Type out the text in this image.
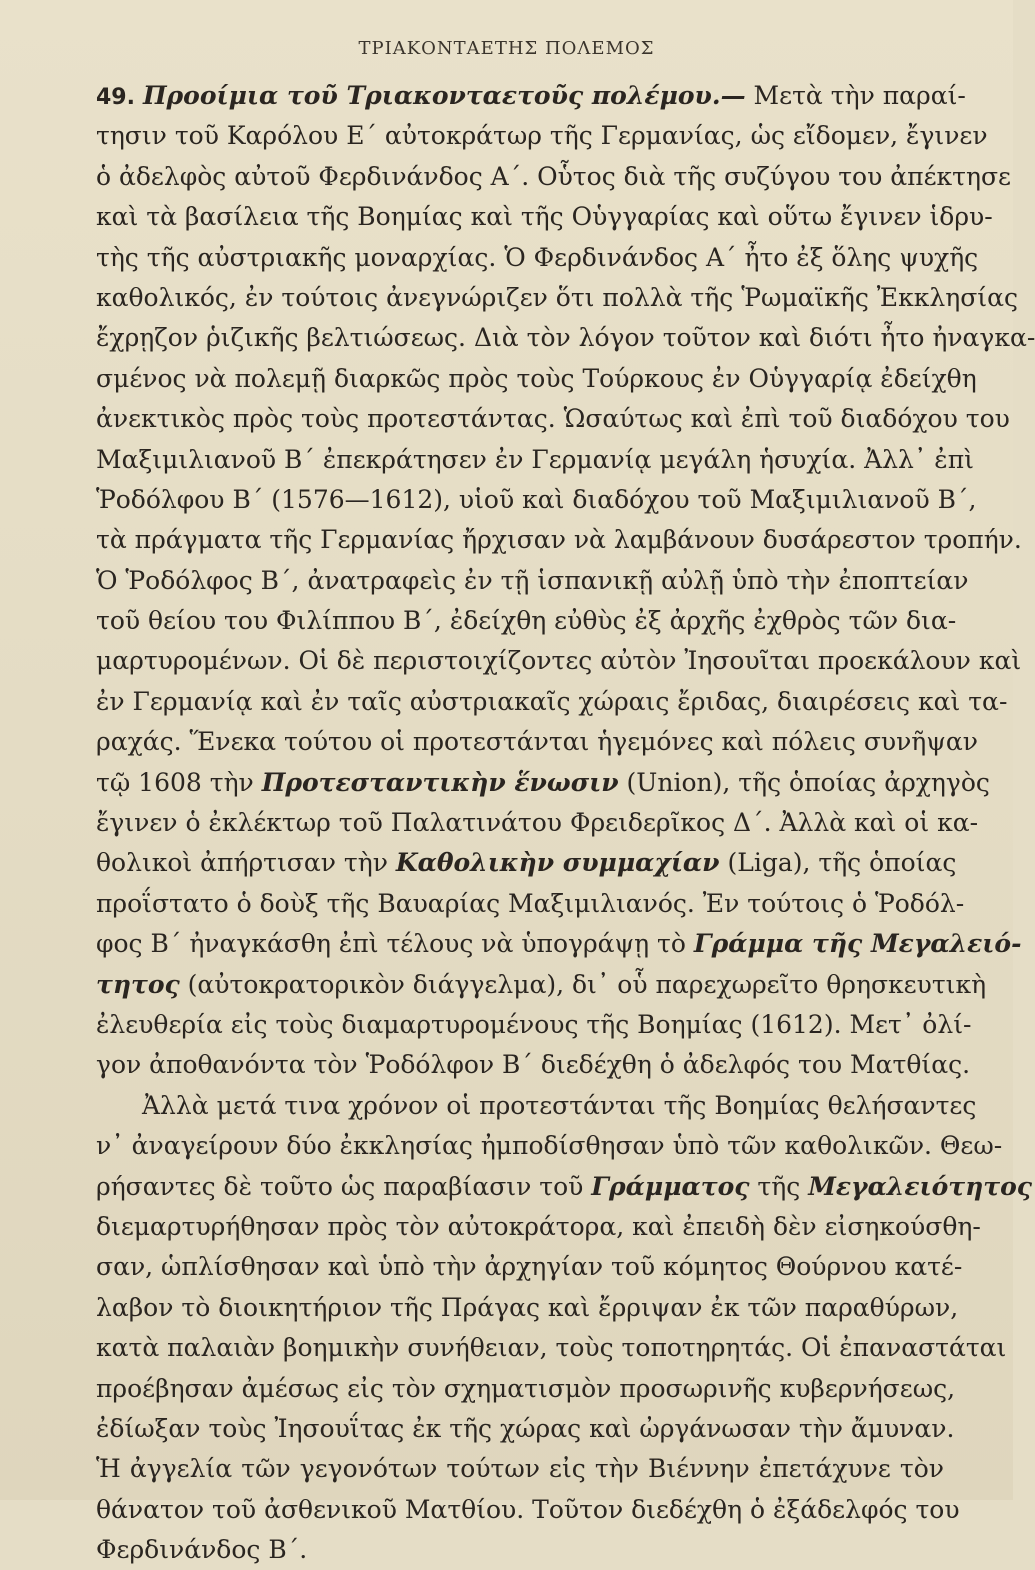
ΤΡΙΑΚΟΝΤΑΕΤΗΣ ΠΟΛΕΜΟΣ
49. Προοίμια τοῦ Τριακονταετοῦς πολέμου.— Μετὰ τὴν παραί-
τησιν τοῦ Καρόλου Ε΄ αὐτοκράτωρ τῆς Γερμανίας, ὡς εἴδομεν, ἔγινεν
ὁ ἀδελφὸς αὐτοῦ Φερδινάνδος Α΄. Οὗτος διὰ τῆς συζύγου του ἀπέκτησε
καὶ τὰ βασίλεια τῆς Βοημίας καὶ τῆς Οὑγγαρίας καὶ οὕτω ἔγινεν ἱδρυ-
τὴς τῆς αὐστριακῆς μοναρχίας. Ὁ Φερδινάνδος Α΄ ἦτο ἐξ ὅλης ψυχῆς
καθολικός, ἐν τούτοις ἀνεγνώριζεν ὅτι πολλὰ τῆς Ῥωμαϊκῆς Ἐκκλησίας
ἔχρῃζον ῥιζικῆς βελτιώσεως. Διὰ τὸν λόγον τοῦτον καὶ διότι ἦτο ἠναγκα-
σμένος νὰ πολεμῇ διαρκῶς πρὸς τοὺς Τούρκους ἐν Οὑγγαρίᾳ ἐδείχθη
ἀνεκτικὸς πρὸς τοὺς προτεστάντας. Ὡσαύτως καὶ ἐπὶ τοῦ διαδόχου του
Μαξιμιλιανοῦ Β΄ ἐπεκράτησεν ἐν Γερμανίᾳ μεγάλη ἡσυχία. Ἀλλ᾽ ἐπὶ
Ῥοδόλφου Β΄ (1576—1612), υἱοῦ καὶ διαδόχου τοῦ Μαξιμιλιανοῦ Β΄,
τὰ πράγματα τῆς Γερμανίας ἤρχισαν νὰ λαμβάνουν δυσάρεστον τροπήν.
Ὁ Ῥοδόλφος Β΄, ἀνατραφεὶς ἐν τῇ ἱσπανικῇ αὐλῇ ὑπὸ τὴν ἐποπτείαν
τοῦ θείου του Φιλίππου Β΄, ἐδείχθη εὐθὺς ἐξ ἀρχῆς ἐχθρὸς τῶν δια-
μαρτυρομένων. Οἱ δὲ περιστοιχίζοντες αὐτὸν Ἰησουῖται προεκάλουν καὶ
ἐν Γερμανίᾳ καὶ ἐν ταῖς αὐστριακαῖς χώραις ἔριδας, διαιρέσεις καὶ τα-
ραχάς. Ἕνεκα τούτου οἱ προτεστάνται ἡγεμόνες καὶ πόλεις συνῆψαν
τῷ 1608 τὴν Προτεσταντικὴν ἕνωσιν (Union), τῆς ὁποίας ἀρχηγὸς
ἔγινεν ὁ ἐκλέκτωρ τοῦ Παλατινάτου Φρειδερῖκος Δ΄. Ἀλλὰ καὶ οἱ κα-
θολικοὶ ἀπήρτισαν τὴν Καθολικὴν συμμαχίαν (Liga), τῆς ὁποίας
προΐστατο ὁ δοὺξ τῆς Βαυαρίας Μαξιμιλιανός. Ἐν τούτοις ὁ Ῥοδόλ-
φος Β΄ ἠναγκάσθη ἐπὶ τέλους νὰ ὑπογράψῃ τὸ Γράμμα τῆς Μεγαλειό-
τητος (αὐτοκρατορικὸν διάγγελμα), δι᾽ οὗ παρεχωρεῖτο θρησκευτικὴ
ἐλευθερία εἰς τοὺς διαμαρτυρομένους τῆς Βοημίας (1612). Μετ᾽ ὀλί-
γον ἀποθανόντα τὸν Ῥοδόλφον Β΄ διεδέχθη ὁ ἀδελφός του Ματθίας.
Ἀλλὰ μετά τινα χρόνον οἱ προτεστάνται τῆς Βοημίας θελήσαντες
ν᾽ ἀναγείρουν δύο ἐκκλησίας ἠμποδίσθησαν ὑπὸ τῶν καθολικῶν. Θεω-
ρήσαντες δὲ τοῦτο ὡς παραβίασιν τοῦ Γράμματος τῆς Μεγαλειότητος
διεμαρτυρήθησαν πρὸς τὸν αὐτοκράτορα, καὶ ἐπειδὴ δὲν εἰσηκούσθη-
σαν, ὡπλίσθησαν καὶ ὑπὸ τὴν ἀρχηγίαν τοῦ κόμητος Θούρνου κατέ-
λαβον τὸ διοικητήριον τῆς Πράγας καὶ ἔρριψαν ἐκ τῶν παραθύρων,
κατὰ παλαιὰν βοημικὴν συνήθειαν, τοὺς τοποτηρητάς. Οἱ ἐπαναστάται
προέβησαν ἀμέσως εἰς τὸν σχηματισμὸν προσωρινῆς κυβερνήσεως,
ἐδίωξαν τοὺς Ἰησουΐτας ἐκ τῆς χώρας καὶ ὠργάνωσαν τὴν ἄμυναν.
Ἡ ἀγγελία τῶν γεγονότων τούτων εἰς τὴν Βιέννην ἐπετάχυνε τὸν
θάνατον τοῦ ἀσθενικοῦ Ματθίου. Τοῦτον διεδέχθη ὁ ἐξάδελφός του
Φερδινάνδος Β΄.
